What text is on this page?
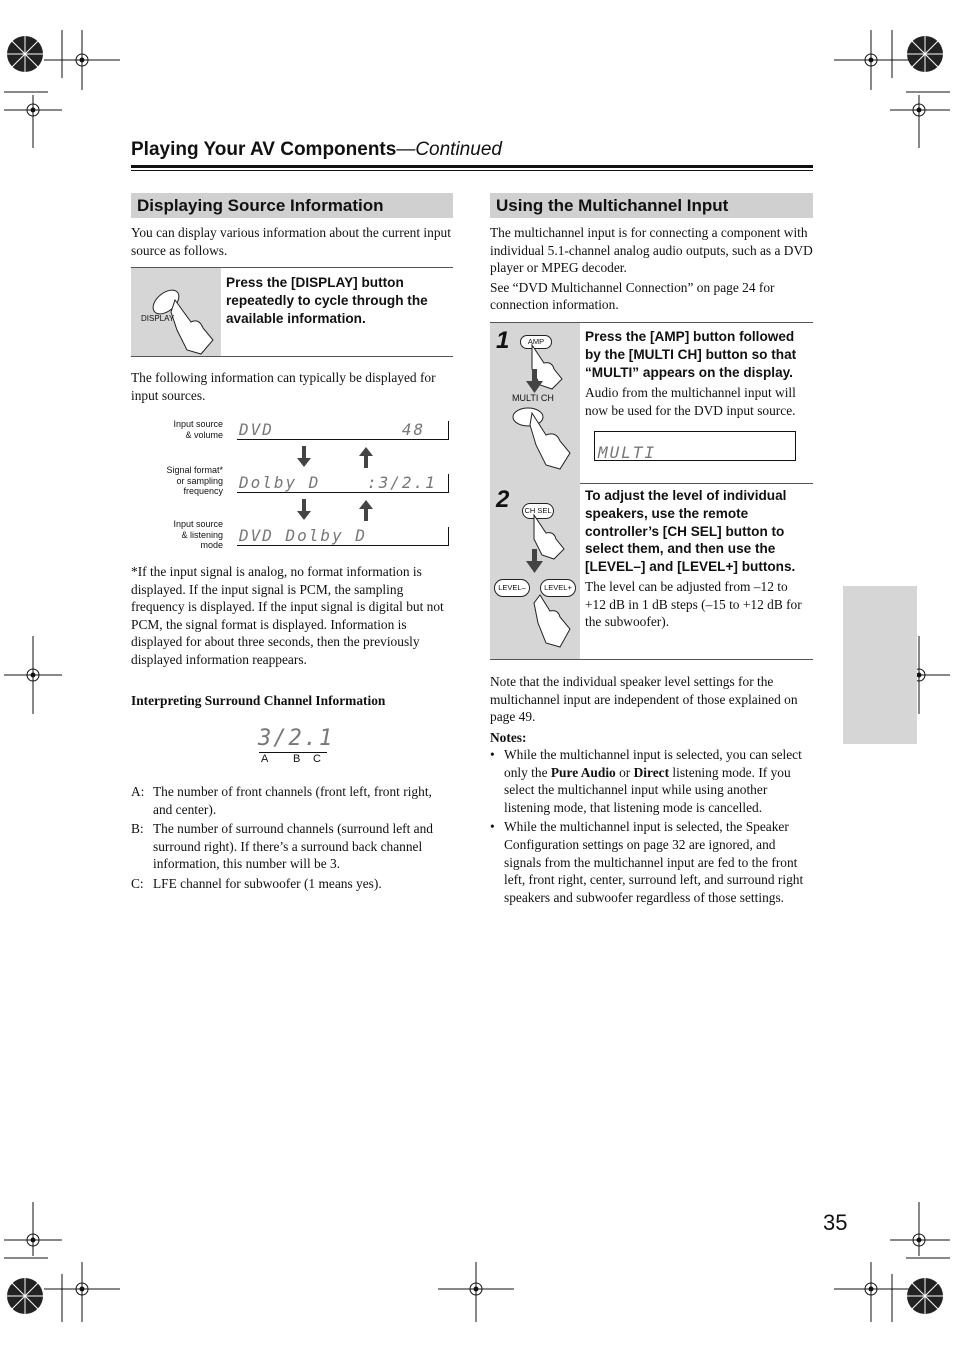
Playing Your AV Components—Continued
Displaying Source Information
You can display various information about the current input source as follows.
DISPLAY
Press the [DISPLAY] button repeatedly to cycle through the available information.
The following information can typically be displayed for input sources.
Input source
& volume DVD           48
Signal format*
or sampling
frequency Dolby D    :3/2.1
Input source
& listening
mode DVD Dolby D
*If the input signal is analog, no format information is displayed. If the input signal is PCM, the sampling frequency is displayed. If the input signal is digital but not PCM, the signal format is displayed. Information is displayed for about three seconds, then the previously displayed information reappears.
Interpreting Surround Channel Information
3/2.1
A B C
A: The number of front channels (front left, front right, and center).
B: The number of surround channels (surround left and surround right). If there’s a surround back channel information, this number will be 3.
C: LFE channel for subwoofer (1 means yes).
Using the Multichannel Input
The multichannel input is for connecting a component with individual 5.1-channel analog audio outputs, such as a DVD player or MPEG decoder.
See “DVD Multichannel Connection” on page 24 for connection information.
1	AMP
MULTI CH
Press the [AMP] button followed by the [MULTI CH] button so that “MULTI” appears on the display.
Audio from the multichannel input will now be used for the DVD input source.
MULTI
2	CH SEL
LEVEL–	LEVEL+
To adjust the level of individual speakers, use the remote controller’s [CH SEL] button to select them, and then use the [LEVEL–] and [LEVEL+] buttons.
The level can be adjusted from –12 to +12 dB in 1 dB steps (–15 to +12 dB for the subwoofer).
Note that the individual speaker level settings for the multichannel input are independent of those explained on page 49.
Notes:
• While the multichannel input is selected, you can select only the Pure Audio or Direct listening mode. If you select the multichannel input while using another listening mode, that listening mode is cancelled.
• While the multichannel input is selected, the Speaker Configuration settings on page 32 are ignored, and signals from the multichannel input are fed to the front left, front right, center, surround left, and surround right speakers and subwoofer regardless of those settings.
35
